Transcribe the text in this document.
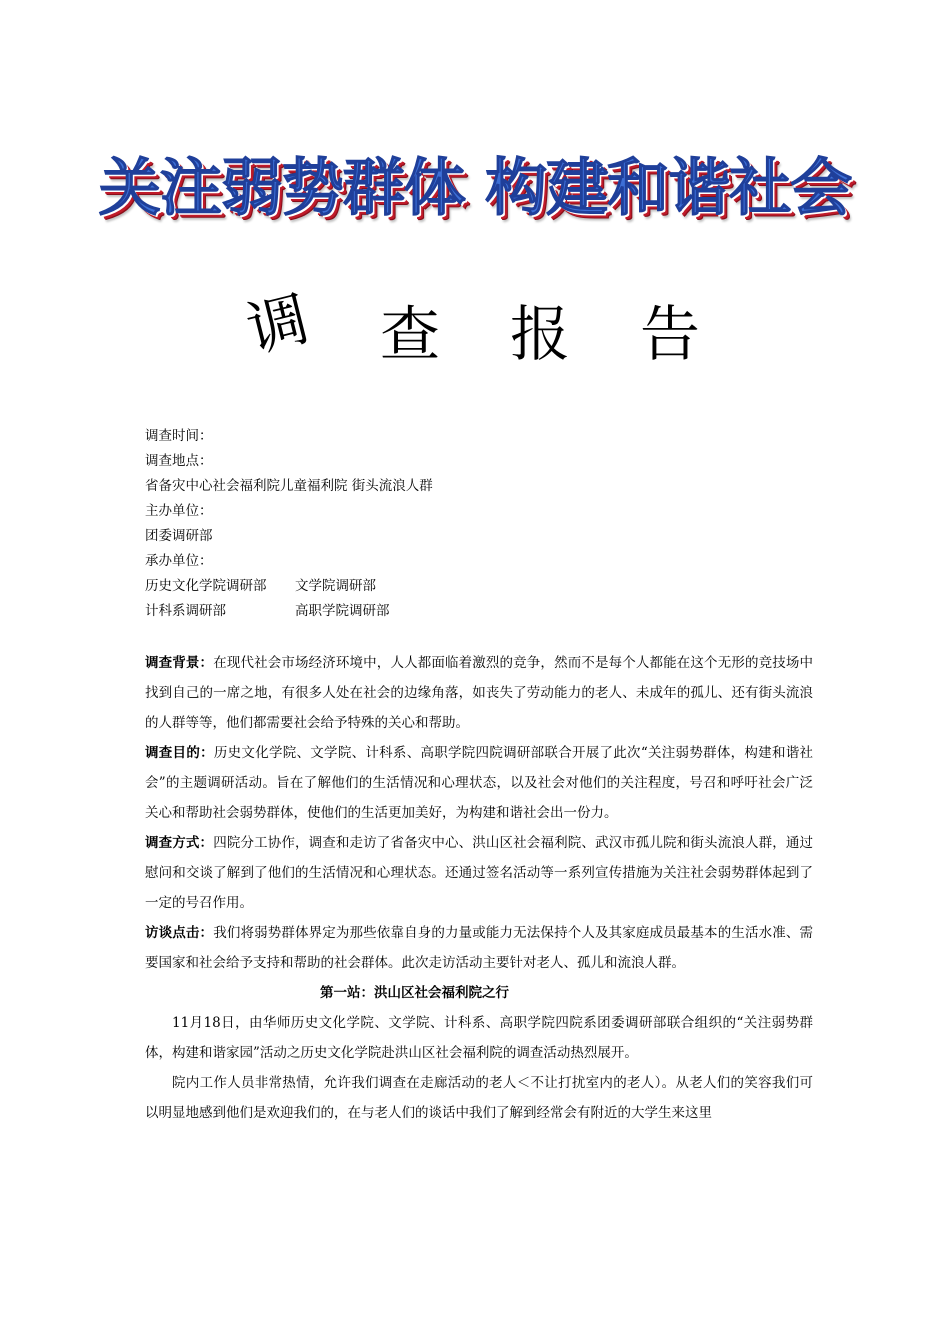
关注弱势群体 构建和谐社会
调 查 报 告
调查时间：
调查地点：
省备灾中心社会福利院儿童福利院 街头流浪人群
主办单位：
团委调研部
承办单位：
历史文化学院调研部 文学院调研部
计科系调研部	高职学院调研部

调查背景：在现代社会市场经济环境中，人人都面临着激烈的竞争，然而不是每个人都能在这个无形的竞技场中找到自己的一席之地，有很多人处在社会的边缘角落，如丧失了劳动能力的老人、未成年的孤儿、还有街头流浪的人群等等，他们都需要社会给予特殊的关心和帮助。

调查目的：历史文化学院、文学院、计科系、高职学院四院调研部联合开展了此次“关注弱势群体，构建和谐社会”的主题调研活动。旨在了解他们的生活情况和心理状态，以及社会对他们的关注程度，号召和呼吁社会广泛关心和帮助社会弱势群体，使他们的生活更加美好，为构建和谐社会出一份力。

调查方式：四院分工协作，调查和走访了省备灾中心、洪山区社会福利院、武汉市孤儿院和街头流浪人群，通过慰问和交谈了解到了他们的生活情况和心理状态。还通过签名活动等一系列宣传措施为关注社会弱势群体起到了一定的号召作用。

访谈点击：我们将弱势群体界定为那些依靠自身的力量或能力无法保持个人及其家庭成员最基本的生活水准、需要国家和社会给予支持和帮助的社会群体。此次走访活动主要针对老人、孤儿和流浪人群。

第一站：洪山区社会福利院之行

11月18日，由华师历史文化学院、文学院、计科系、高职学院四院系团委调研部联合组织的“关注弱势群体，构建和谐家园”活动之历史文化学院赴洪山区社会福利院的调查活动热烈展开。

院内工作人员非常热情，允许我们调查在走廊活动的老人＜不让打扰室内的老人）。从老人们的笑容我们可以明显地感到他们是欢迎我们的，在与老人们的谈话中我们了解到经常会有附近的大学生来这里
